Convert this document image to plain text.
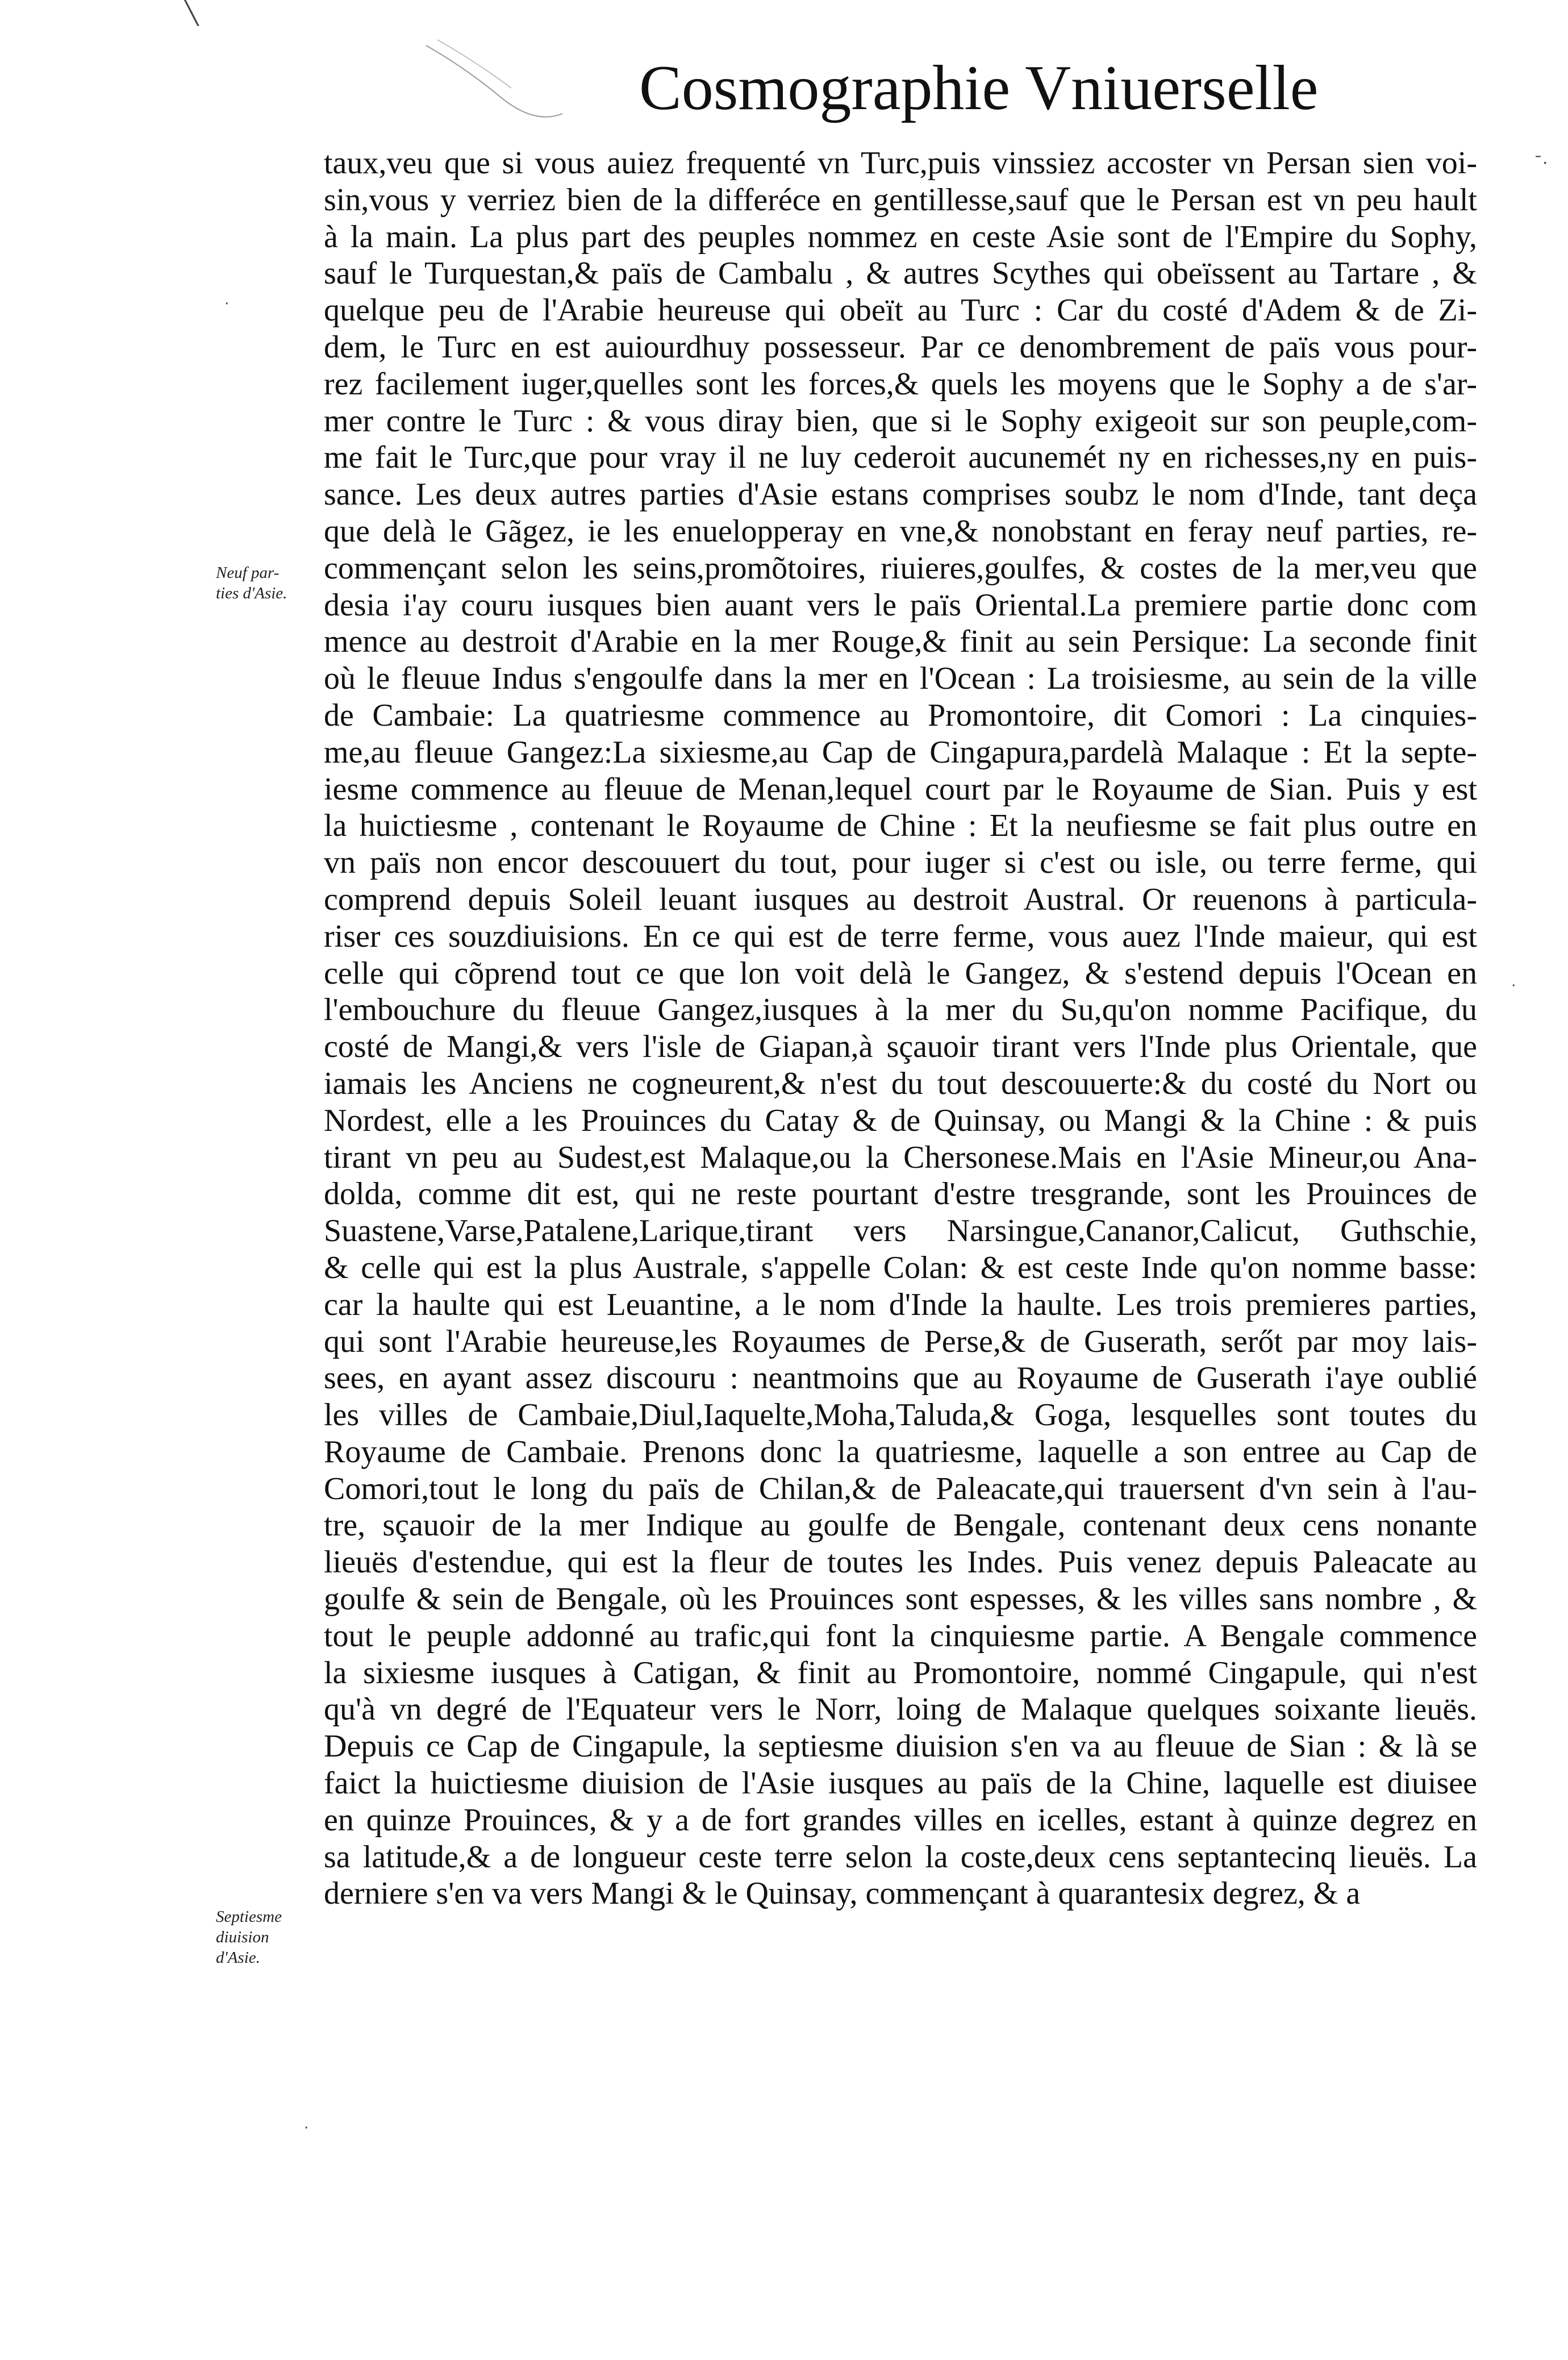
Cosmographie Vniuerselle
taux,veu que si vous auiez frequenté vn Turc,puis vinssiez accoster vn Persan sien voi-
sin,vous y verriez bien de la differéce en gentillesse,sauf que le Persan est vn peu hault
à la main. La plus part des peuples nommez en ceste Asie sont de l'Empire du Sophy,
sauf le Turquestan,& païs de Cambalu , & autres Scythes qui obeïssent au Tartare , &
quelque peu de l'Arabie heureuse qui obeït au Turc : Car du costé d'Adem & de Zi-
dem, le Turc en est auiourdhuy possesseur. Par ce denombrement de païs vous pour-
rez facilement iuger,quelles sont les forces,& quels les moyens que le Sophy a de s'ar-
mer contre le Turc : & vous diray bien, que si le Sophy exigeoit sur son peuple,com-
me fait le Turc,que pour vray il ne luy cederoit aucunemét ny en richesses,ny en puis-
sance. Les deux autres parties d'Asie estans comprises soubz le nom d'Inde, tant deça
que delà le Gãgez, ie les enuelopperay en vne,& nonobstant en feray neuf parties, re-
commençant selon les seins,promõtoires, riuieres,goulfes, & costes de la mer,veu que
desia i'ay couru iusques bien auant vers le païs Oriental.La premiere partie donc com
mence au destroit d'Arabie en la mer Rouge,& finit au sein Persique: La seconde finit
où le fleuue Indus s'engoulfe dans la mer en l'Ocean : La troisiesme, au sein de la ville
de Cambaie: La quatriesme commence au Promontoire, dit Comori : La cinquies-
me,au fleuue Gangez:La sixiesme,au Cap de Cingapura,pardelà Malaque : Et la septe-
iesme commence au fleuue de Menan,lequel court par le Royaume de Sian. Puis y est
la huictiesme , contenant le Royaume de Chine : Et la neufiesme se fait plus outre en
vn païs non encor descouuert du tout, pour iuger si c'est ou isle, ou terre ferme, qui
comprend depuis Soleil leuant iusques au destroit Austral. Or reuenons à particula-
riser ces souzdiuisions. En ce qui est de terre ferme, vous auez l'Inde maieur, qui est
celle qui cõprend tout ce que lon voit delà le Gangez, & s'estend depuis l'Ocean en
l'embouchure du fleuue Gangez,iusques à la mer du Su,qu'on nomme Pacifique, du
costé de Mangi,& vers l'isle de Giapan,à sçauoir tirant vers l'Inde plus Orientale, que
iamais les Anciens ne cogneurent,& n'est du tout descouuerte:& du costé du Nort ou
Nordest, elle a les Prouinces du Catay & de Quinsay, ou Mangi & la Chine : & puis
tirant vn peu au Sudest,est Malaque,ou la Chersonese.Mais en l'Asie Mineur,ou Ana-
dolda, comme dit est, qui ne reste pourtant d'estre tresgrande, sont les Prouinces de
Suastene,Varse,Patalene,Larique,tirant vers Narsingue,Cananor,Calicut, Guthschie,
& celle qui est la plus Australe, s'appelle Colan: & est ceste Inde qu'on nomme basse:
car la haulte qui est Leuantine, a le nom d'Inde la haulte. Les trois premieres parties,
qui sont l'Arabie heureuse,les Royaumes de Perse,& de Guserath, serőt par moy lais-
sees, en ayant assez discouru : neantmoins que au Royaume de Guserath i'aye oublié
les villes de Cambaie,Diul,Iaquelte,Moha,Taluda,& Goga, lesquelles sont toutes du
Royaume de Cambaie. Prenons donc la quatriesme, laquelle a son entree au Cap de
Comori,tout le long du païs de Chilan,& de Paleacate,qui trauersent d'vn sein à l'au-
tre, sçauoir de la mer Indique au goulfe de Bengale, contenant deux cens nonante
lieuës d'estendue, qui est la fleur de toutes les Indes. Puis venez depuis Paleacate au
goulfe & sein de Bengale, où les Prouinces sont espesses, & les villes sans nombre , &
tout le peuple addonné au trafic,qui font la cinquiesme partie. A Bengale commence
la sixiesme iusques à Catigan, & finit au Promontoire, nommé Cingapule, qui n'est
qu'à vn degré de l'Equateur vers le Norr, loing de Malaque quelques soixante lieuës.
Depuis ce Cap de Cingapule, la septiesme diuision s'en va au fleuue de Sian : & là se
faict la huictiesme diuision de l'Asie iusques au païs de la Chine, laquelle est diuisee
en quinze Prouinces, & y a de fort grandes villes en icelles, estant à quinze degrez en
sa latitude,& a de longueur ceste terre selon la coste,deux cens septantecinq lieuës. La
derniere s'en va vers Mangi & le Quinsay, commençant à quarantesix degrez, & a
Neuf par-
ties d'Asie.
Septiesme
diuision
d'Asie.
╲
ˉ·
·
·
·
